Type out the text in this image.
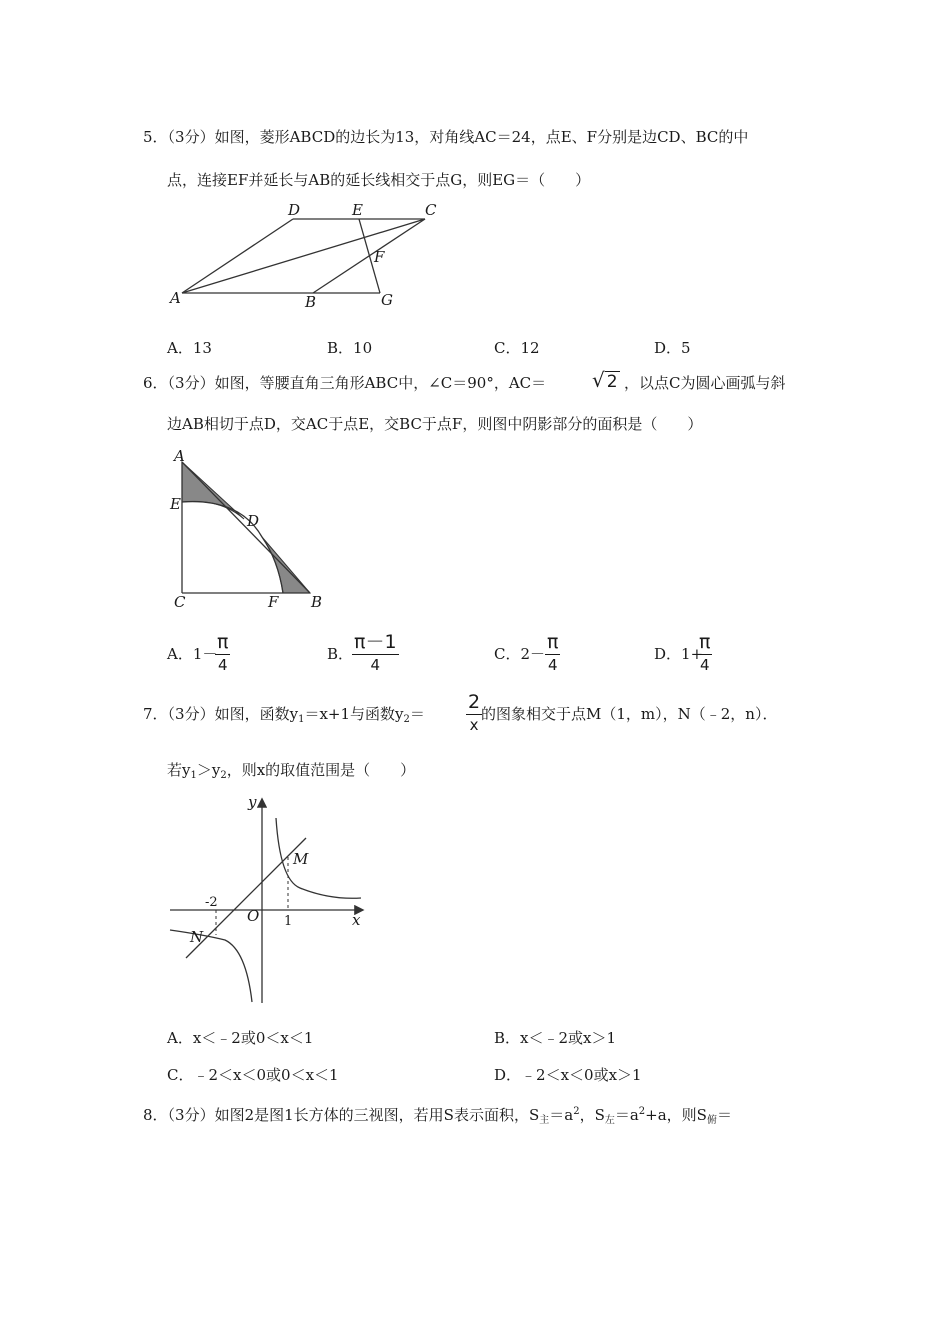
5．（3分）如图，菱形ABCD的边长为13，对角线AC＝24，点E、F分别是边CD、BC的中
点，连接EF并延长与AB的延长线相交于点G，则EG＝（　　）
D	E	C
F
A	B	G
A．13	B．10	C．12	D．5
6．（3分）如图，等腰直角三角形ABC中，∠C＝90°，AC＝ √ 2 ，以点C为圆心画弧与斜
边AB相切于点D，交AC于点E，交BC于点F，则图中阴影部分的面积是（　　）
A
E
D
C	F B
A．1－
π
4
B．
π－1
4
C．2－
π
4
D．1+
π
4
7．（3分）如图，函数$y_1=x+1$与函数$y_2=$
2
x
的图象相交于点M（1，m），N（﹣2，n）．
若$y_1>y_2$，则x的取值范围是（　　）
y
x
O
M
N
-2
1
A．x＜﹣2或0＜x＜1	B．x＜﹣2或x＞1
C．﹣2＜x＜0或0＜x＜1	D．﹣2＜x＜0或x＞1
8．（3分）如图2是图1长方体的三视图，若用S表示面积，$S_主=a^2$，$S_左=a^2+a$，则$S_俯=$
